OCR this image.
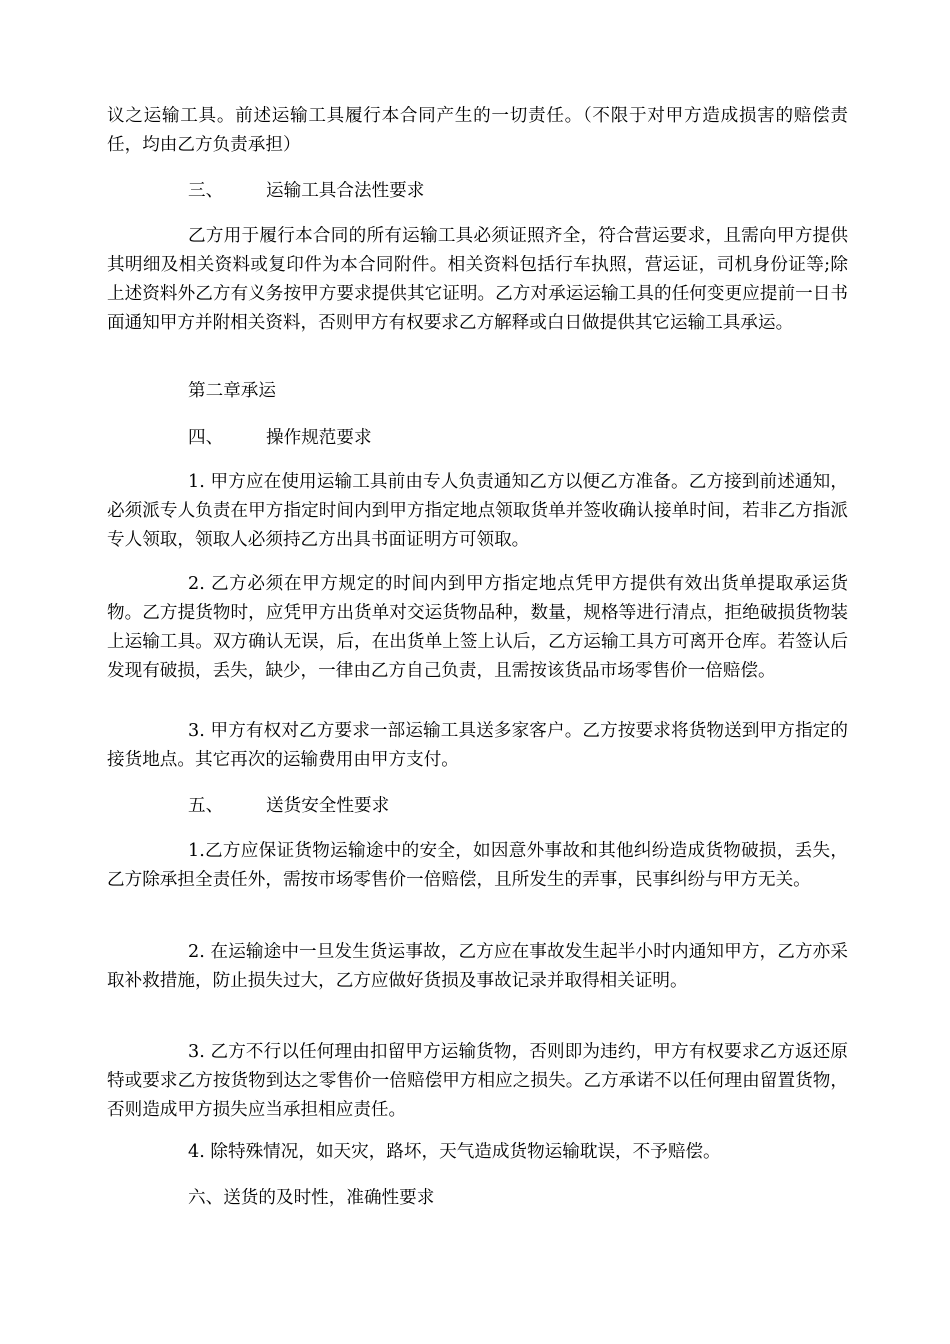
议之运输工具。前述运输工具履行本合同产生的一切责任。（不限于对甲方造成损害的赔偿责任，均由乙方负责承担）

三、 运输工具合法性要求

乙方用于履行本合同的所有运输工具必须证照齐全，符合营运要求，且需向甲方提供其明细及相关资料或复印件为本合同附件。相关资料包括行车执照，营运证，司机身份证等;除上述资料外乙方有义务按甲方要求提供其它证明。乙方对承运运输工具的任何变更应提前一日书面通知甲方并附相关资料，否则甲方有权要求乙方解释或白日做提供其它运输工具承运。

第二章承运
四、 操作规范要求

1. 甲方应在使用运输工具前由专人负责通知乙方以便乙方准备。乙方接到前述通知，必须派专人负责在甲方指定时间内到甲方指定地点领取货单并签收确认接单时间，若非乙方指派专人领取，领取人必须持乙方出具书面证明方可领取。

2. 乙方必须在甲方规定的时间内到甲方指定地点凭甲方提供有效出货单提取承运货物。乙方提货物时，应凭甲方出货单对交运货物品种，数量，规格等进行清点，拒绝破损货物装上运输工具。双方确认无误，后，在出货单上签上认后，乙方运输工具方可离开仓库。若签认后发现有破损，丢失，缺少，一律由乙方自己负责，且需按该货品市场零售价一倍赔偿。

3. 甲方有权对乙方要求一部运输工具送多家客户。乙方按要求将货物送到甲方指定的接货地点。其它再次的运输费用由甲方支付。

五、 送货安全性要求

1.乙方应保证货物运输途中的安全，如因意外事故和其他纠纷造成货物破损，丢失，乙方除承担全责任外，需按市场零售价一倍赔偿，且所发生的弄事，民事纠纷与甲方无关。

2. 在运输途中一旦发生货运事故，乙方应在事故发生起半小时内通知甲方，乙方亦采取补救措施，防止损失过大，乙方应做好货损及事故记录并取得相关证明。

3. 乙方不行以任何理由扣留甲方运输货物，否则即为违约，甲方有权要求乙方返还原特或要求乙方按货物到达之零售价一倍赔偿甲方相应之损失。乙方承诺不以任何理由留置货物，否则造成甲方损失应当承担相应责任。

4. 除特殊情况，如天灾，路坏，天气造成货物运输耽误，不予赔偿。

六、送货的及时性，准确性要求
